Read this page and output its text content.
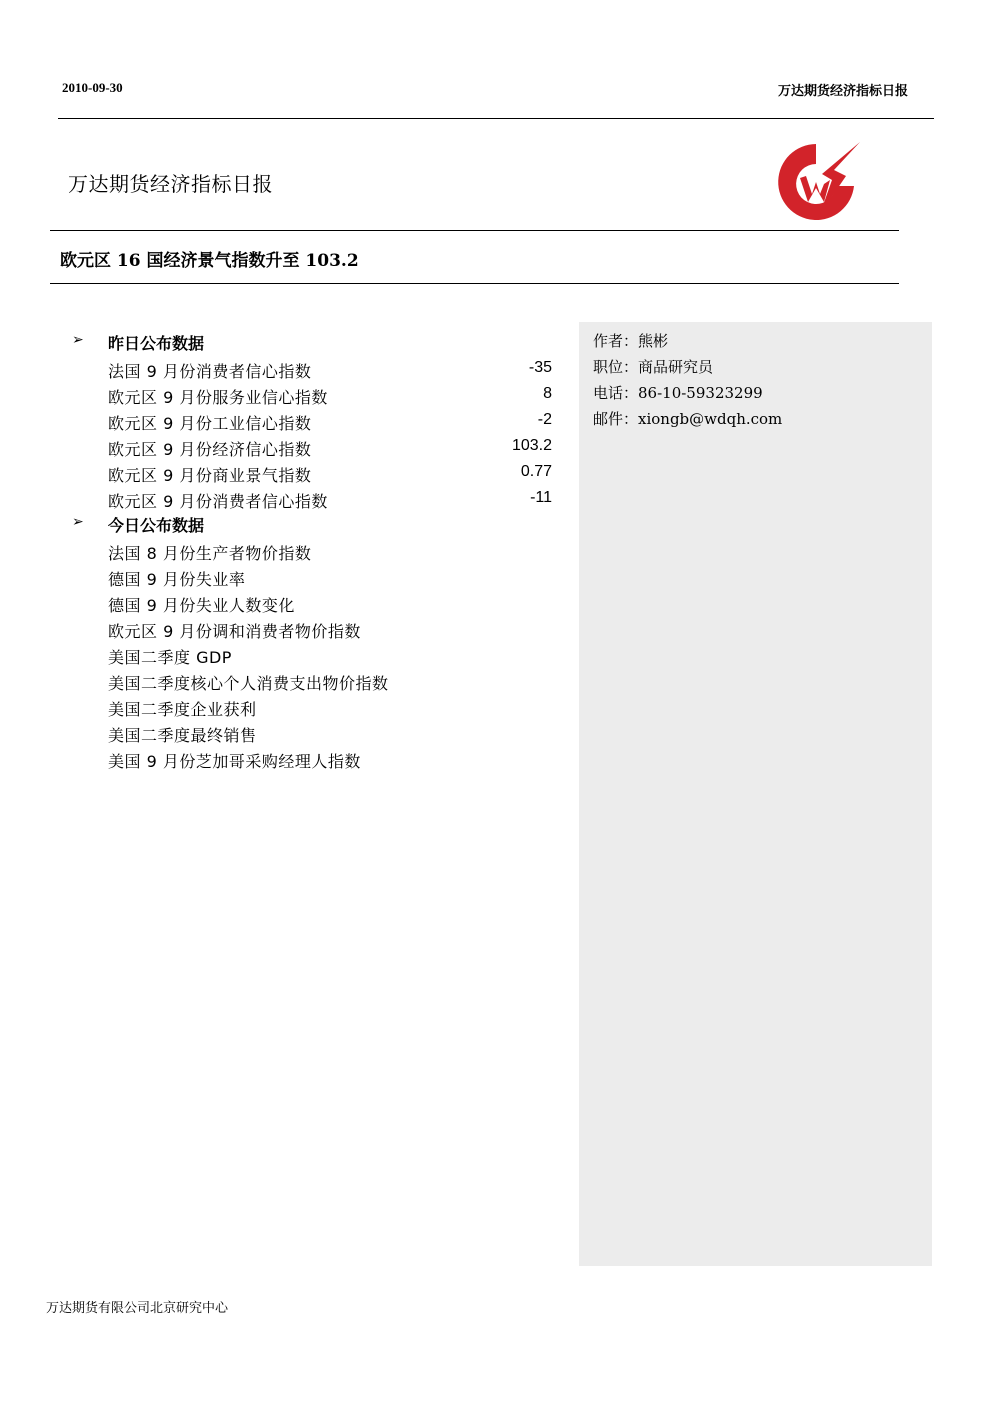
2010-09-30	万达期货经济指标日报
万达期货经济指标日报
欧元区 16 国经济景气指数升至 103.2
➢ 昨日公布数据
法国 9 月份消费者信心指数	-35
欧元区 9 月份服务业信心指数	8
欧元区 9 月份工业信心指数	-2
欧元区 9 月份经济信心指数	103.2
欧元区 9 月份商业景气指数	0.77
欧元区 9 月份消费者信心指数	-11
➢ 今日公布数据
法国 8 月份生产者物价指数
德国 9 月份失业率
德国 9 月份失业人数变化
欧元区 9 月份调和消费者物价指数
美国二季度 GDP
美国二季度核心个人消费支出物价指数
美国二季度企业获利
美国二季度最终销售
美国 9 月份芝加哥采购经理人指数
作者：熊彬
职位：商品研究员
电话：86-10-59323299
邮件：xiongb@wdqh.com
万达期货有限公司北京研究中心
